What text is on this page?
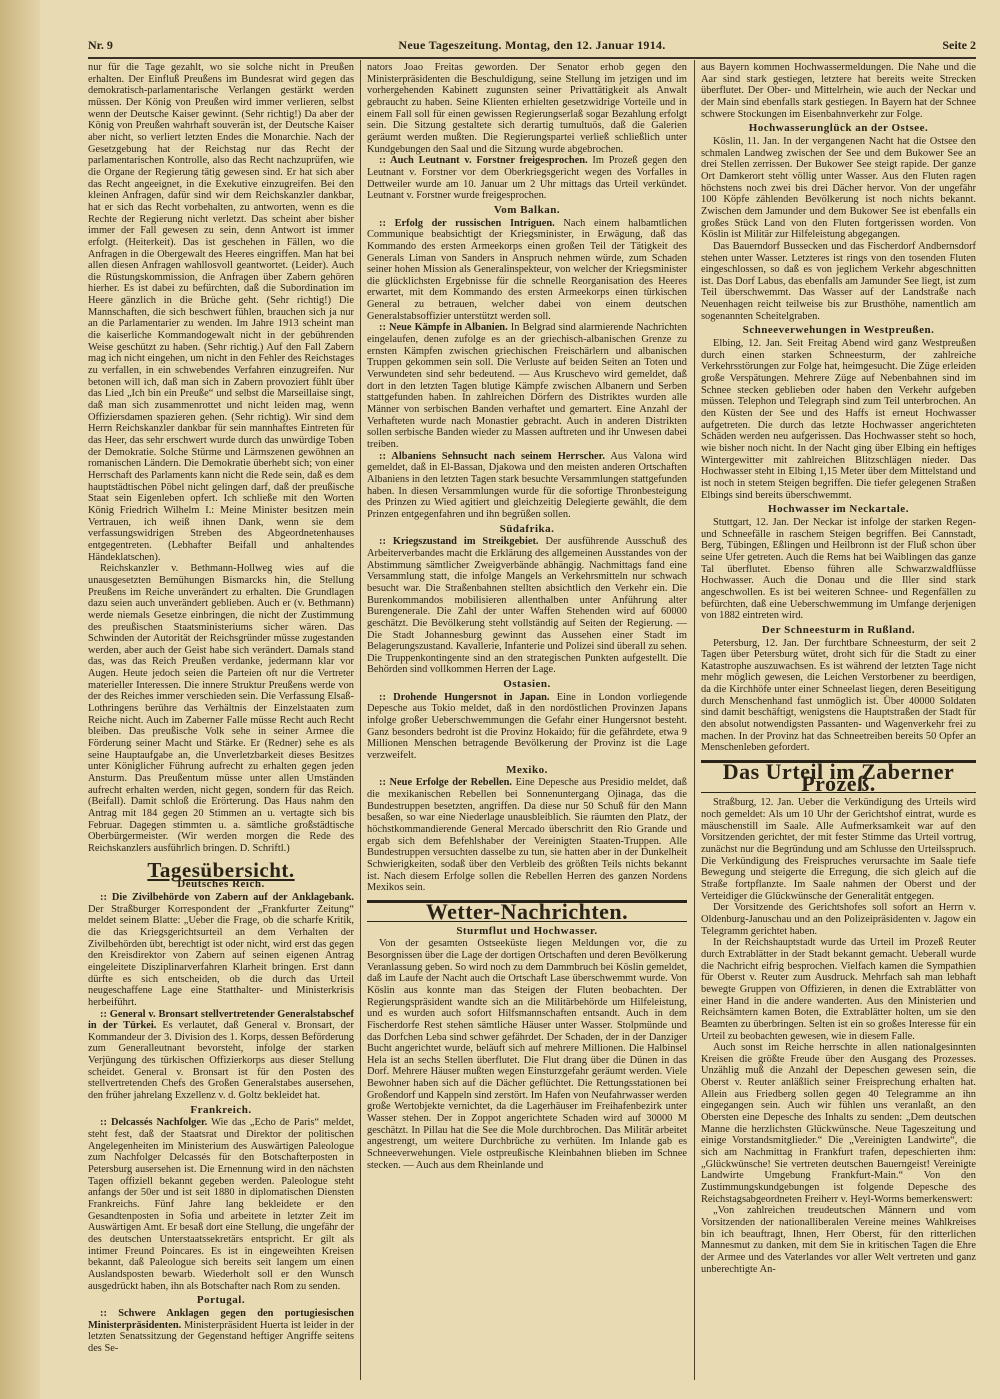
Nr. 9	Neue Tageszeitung. Montag, den 12. Januar 1914.	Seite 2

nur für die Tage gezahlt, wo sie solche nicht in Preußen erhalten. Der Einfluß Preußens im Bundesrat wird gegen das demokratisch-parlamentarische Verlangen gestärkt werden müssen. Der König von Preußen wird immer verlieren, selbst wenn der Deutsche Kaiser gewinnt. (Sehr richtig!) Da aber der König von Preußen wahrhaft souverän ist, der Deutsche Kaiser aber nicht, so verliert letzten Endes die Monarchie. Nach der Gesetzgebung hat der Reichstag nur das Recht der parlamentarischen Kontrolle, also das Recht nachzuprüfen, wie die Organe der Regierung tätig gewesen sind. Er hat sich aber das Recht angeeignet, in die Exekutive einzugreifen. Bei den kleinen Anfragen, dafür sind wir dem Reichskanzler dankbar, hat er sich das Recht vorbehalten, zu antworten, wenn es die Rechte der Regierung nicht verletzt. Das scheint aber bisher immer der Fall gewesen zu sein, denn Antwort ist immer erfolgt. (Heiterkeit). Das ist geschehen in Fällen, wo die Anfragen in die Obergewalt des Heeres eingriffen. Man hat bei allen diesen Anfragen wahllosvoll geantwortet. (Leider). Auch die Rüstungskommission, die Anfragen über Zabern gehören hierher. Es ist dabei zu befürchten, daß die Subordination im Heere gänzlich in die Brüche geht. (Sehr richtig!) Die Mannschaften, die sich beschwert fühlen, brauchen sich ja nur an die Parlamentarier zu wenden. Im Jahre 1913 scheint man die kaiserliche Kommandogewalt nicht in der gebührenden Weise geschützt zu haben. (Sehr richtig.) Auf den Fall Zabern mag ich nicht eingehen, um nicht in den Fehler des Reichstages zu verfallen, in ein schwebendes Verfahren einzugreifen. Nur betonen will ich, daß man sich in Zabern provoziert fühlt über das Lied „Ich bin ein Preuße“ und selbst die Marseillaise singt, daß man sich zusammenrottet und nicht leiden mag, wenn Offiziersdamen spazieren gehen. (Sehr richtig). Wir sind dem Herrn Reichskanzler dankbar für sein mannhaftes Eintreten für das Heer, das sehr erschwert wurde durch das unwürdige Toben der Demokratie. Solche Stürme und Lärmszenen gewöhnen an romanischen Ländern. Die Demokratie überhebt sich; von einer Herrschaft des Parlaments kann nicht die Rede sein, daß es dem hauptstädtischen Pöbel nicht gelingen darf, daß der preußische Staat sein Eigenleben opfert. Ich schließe mit den Worten König Friedrich Wilhelm I.: Meine Minister besitzen mein Vertrauen, ich weiß ihnen Dank, wenn sie dem verfassungswidrigen Streben des Abgeordnetenhauses entgegentreten. (Lebhafter Beifall und anhaltendes Händeklatschen).

Reichskanzler v. Bethmann-Hollweg wies auf die unausgesetzten Bemühungen Bismarcks hin, die Stellung Preußens im Reiche unverändert zu erhalten. Die Grundlagen dazu seien auch unverändert geblieben. Auch er (v. Bethmann) werde niemals Gesetze einbringen, die nicht der Zustimmung des preußischen Staatsministeriums sicher wären. Das Schwinden der Autorität der Reichsgründer müsse zugestanden werden, aber auch der Geist habe sich verändert. Damals stand das, was das Reich Preußen verdanke, jedermann klar vor Augen. Heute jedoch seien die Parteien oft nur die Vertreter materieller Interessen. Die innere Struktur Preußens werde von der des Reiches immer verschieden sein. Die Verfassung Elsaß-Lothringens berühre das Verhältnis der Einzelstaaten zum Reiche nicht. Auch im Zaberner Falle müsse Recht auch Recht bleiben. Das preußische Volk sehe in seiner Armee die Förderung seiner Macht und Stärke. Er (Redner) sehe es als seine Hauptaufgabe an, die Unverletzbarkeit dieses Besitzes unter Königlicher Führung aufrecht zu erhalten gegen jeden Ansturm. Das Preußentum müsse unter allen Umständen aufrecht erhalten werden, nicht gegen, sondern für das Reich. (Beifall). Damit schloß die Erörterung. Das Haus nahm den Antrag mit 184 gegen 20 Stimmen an u. vertagte sich bis Februar. Dagegen stimmten u. a. sämtliche großstädtische Oberbürgermeister. (Wir werden morgen die Rede des Reichskanzlers ausführlich bringen. D. Schriftl.)

Tagesübersicht.
Deutsches Reich.

:: Die Zivilbehörde von Zabern auf der Anklagebank. Der Straßburger Korrespondent der „Frankfurter Zeitung“ meldet seinem Blatte: „Ueber die Frage, ob die scharfe Kritik, die das Kriegsgerichtsurteil an dem Verhalten der Zivilbehörden übt, berechtigt ist oder nicht, wird erst das gegen den Kreisdirektor von Zabern auf seinen eigenen Antrag eingeleitete Disziplinarverfahren Klarheit bringen. Erst dann dürfte es sich entscheiden, ob die durch das Urteil neugeschaffene Lage eine Statthalter- und Ministerkrisis herbeiführt.

:: General v. Bronsart stellvertretender Generalstabschef in der Türkei. Es verlautet, daß General v. Bronsart, der Kommandeur der 3. Division des 1. Korps, dessen Beförderung zum Generalleutnant bevorsteht, infolge der starken Verjüngung des türkischen Offizierkorps aus dieser Stellung scheidet. General v. Bronsart ist für den Posten des stellvertretenden Chefs des Großen Generalstabes ausersehen, den früher jahrelang Exzellenz v. d. Goltz bekleidet hat.

Frankreich.

:: Delcassés Nachfolger. Wie das „Echo de Paris“ meldet, steht fest, daß der Staatsrat und Direktor der politischen Angelegenheiten im Ministerium des Auswärtigen Paleologue zum Nachfolger Delcassés für den Botschafterposten in Petersburg ausersehen ist. Die Ernennung wird in den nächsten Tagen offiziell bekannt gegeben werden. Paleologue steht anfangs der 50er und ist seit 1880 in diplomatischen Diensten Frankreichs. Fünf Jahre lang bekleidete er den Gesandtenposten in Sofia und arbeitete in letzter Zeit im Auswärtigen Amt. Er besaß dort eine Stellung, die ungefähr der des deutschen Unterstaatssekretärs entspricht. Er gilt als intimer Freund Poincares. Es ist in eingeweihten Kreisen bekannt, daß Paleologue sich bereits seit langem um einen Auslandsposten bewarb. Wiederholt soll er den Wunsch ausgedrückt haben, ihn als Botschafter nach Rom zu senden.

Portugal.

:: Schwere Anklagen gegen den portugiesischen Ministerpräsidenten. Ministerpräsident Huerta ist leider in der letzten Senatssitzung der Gegenstand heftiger Angriffe seitens des Se-

nators Joao Freitas geworden. Der Senator erhob gegen den Ministerpräsidenten die Beschuldigung, seine Stellung im jetzigen und im vorhergehenden Kabinett zugunsten seiner Privattätigkeit als Anwalt gebraucht zu haben. Seine Klienten erhielten gesetzwidrige Vorteile und in einem Fall soll für einen gewissen Regierungserlaß sogar Bezahlung erfolgt sein. Die Sitzung gestaltete sich derartig tumultuös, daß die Galerien geräumt werden mußten. Die Regierungspartei verließ schließlich unter Kundgebungen den Saal und die Sitzung wurde abgebrochen.

:: Auch Leutnant v. Forstner freigesprochen. Im Prozeß gegen den Leutnant v. Forstner vor dem Oberkriegsgericht wegen des Vorfalles in Dettweiler wurde am 10. Januar um 2 Uhr mittags das Urteil verkündet. Leutnant v. Forstner wurde freigesprochen.

Vom Balkan.

:: Erfolg der russischen Intriguen. Nach einem halbamtlichen Communique beabsichtigt der Kriegsminister, in Erwägung, daß das Kommando des ersten Armeekorps einen großen Teil der Tätigkeit des Generals Liman von Sanders in Anspruch nehmen würde, zum Schaden seiner hohen Mission als Generalinspekteur, von welcher der Kriegsminister die glücklichsten Ergebnisse für die schnelle Reorganisation des Heeres erwartet, mit dem Kommando des ersten Armeekorps einen türkischen General zu betrauen, welcher dabei von einem deutschen Generalstabsoffizier unterstützt werden soll.

:: Neue Kämpfe in Albanien. In Belgrad sind alarmierende Nachrichten eingelaufen, denen zufolge es an der griechisch-albanischen Grenze zu ernsten Kämpfen zwischen griechischen Freischärlern und albanischen Truppen gekommen sein soll. Die Verluste auf beiden Seiten an Toten und Verwundeten sind sehr bedeutend. — Aus Kruschevo wird gemeldet, daß dort in den letzten Tagen blutige Kämpfe zwischen Albanern und Serben stattgefunden haben. In zahlreichen Dörfern des Distriktes wurden alle Männer von serbischen Banden verhaftet und gemartert. Eine Anzahl der Verhafteten wurde nach Monastier gebracht. Auch in anderen Distrikten sollen serbische Banden wieder zu Massen auftreten und ihr Unwesen dabei treiben.

:: Albaniens Sehnsucht nach seinem Herrscher. Aus Valona wird gemeldet, daß in El-Bassan, Djakowa und den meisten anderen Ortschaften Albaniens in den letzten Tagen stark besuchte Versammlungen stattgefunden haben. In diesen Versammlungen wurde für die sofortige Thronbesteigung des Prinzen zu Wied agitiert und gleichzeitig Delegierte gewählt, die dem Prinzen entgegenfahren und ihn begrüßen sollen.

Südafrika.

:: Kriegszustand im Streikgebiet. Der ausführende Ausschuß des Arbeiterverbandes macht die Erklärung des allgemeinen Ausstandes von der Abstimmung sämtlicher Zweigverbände abhängig. Nachmittags fand eine Versammlung statt, die infolge Mangels an Verkehrsmitteln nur schwach besucht war. Die Straßenbahnen stellten absichtlich den Verkehr ein. Die Burenkommandos mobilisieren allenthalben unter Anführung alter Burengenerale. Die Zahl der unter Waffen Stehenden wird auf 60000 geschätzt. Die Bevölkerung steht vollständig auf Seiten der Regierung. — Die Stadt Johannesburg gewinnt das Aussehen einer Stadt im Belagerungszustand. Kavallerie, Infanterie und Polizei sind überall zu sehen. Die Truppenkontingente sind an den strategischen Punkten aufgestellt. Die Behörden sind vollkommen Herren der Lage.

Ostasien.

:: Drohende Hungersnot in Japan. Eine in London vorliegende Depesche aus Tokio meldet, daß in den nordöstlichen Provinzen Japans infolge großer Ueberschwemmungen die Gefahr einer Hungersnot besteht. Ganz besonders bedroht ist die Provinz Hokaido; für die gefährdete, etwa 9 Millionen Menschen betragende Bevölkerung der Provinz ist die Lage verzweifelt.

Mexiko.

:: Neue Erfolge der Rebellen. Eine Depesche aus Presidio meldet, daß die mexikanischen Rebellen bei Sonnenuntergang Ojinaga, das die Bundestruppen besetzten, angriffen. Da diese nur 50 Schuß für den Mann besaßen, so war eine Niederlage unausbleiblich. Sie räumten den Platz, der höchstkommandierende General Mercado überschritt den Rio Grande und ergab sich dem Befehlshaber der Vereinigten Staaten-Truppen. Alle Bundestruppen versuchten dasselbe zu tun, sie hatten aber in der Dunkelheit Schwierigkeiten, sodaß über den Verbleib des größten Teils nichts bekannt ist. Nach diesem Erfolge sollen die Rebellen Herren des ganzen Nordens Mexikos sein.

Wetter-Nachrichten.
Sturmflut und Hochwasser.

Von der gesamten Ostseeküste liegen Meldungen vor, die zu Besorgnissen über die Lage der dortigen Ortschaften und deren Bevölkerung Veranlassung geben. So wird noch zu dem Dammbruch bei Köslin gemeldet, daß im Laufe der Nacht auch die Ortschaft Lase überschwemmt wurde. Von Köslin aus konnte man das Steigen der Fluten beobachten. Der Regierungspräsident wandte sich an die Militärbehörde um Hilfeleistung, und es wurden auch sofort Hilfsmannschaften entsandt. Auch in dem Fischerdorfe Rest stehen sämtliche Häuser unter Wasser. Stolpmünde und das Dorfchen Leba sind schwer gefährdet. Der Schaden, der in der Danziger Bucht angerichtet wurde, beläuft sich auf mehrere Millionen. Die Halbinsel Hela ist an sechs Stellen überflutet. Die Flut drang über die Dünen in das Dorf. Mehrere Häuser mußten wegen Einsturzgefahr geräumt werden. Viele Bewohner haben sich auf die Dächer geflüchtet. Die Rettungsstationen bei Großendorf und Kappeln sind zerstört. Im Hafen von Neufahrwasser werden große Wertobjekte vernichtet, da die Lagerhäuser im Freihafenbezirk unter Wasser stehen. Der in Zoppot angerichtete Schaden wird auf 30000 M geschätzt. In Pillau hat die See die Mole durchbrochen. Das Militär arbeitet angestrengt, um weitere Durchbrüche zu verhüten. Im Inlande gab es Schneeverwehungen. Viele ostpreußische Kleinbahnen blieben im Schnee stecken. — Auch aus dem Rheinlande und

aus Bayern kommen Hochwassermeldungen. Die Nahe und die Aar sind stark gestiegen, letztere hat bereits weite Strecken überflutet. Der Ober- und Mittelrhein, wie auch der Neckar und der Main sind ebenfalls stark gestiegen. In Bayern hat der Schnee schwere Stockungen im Eisenbahnverkehr zur Folge.

Hochwasserunglück an der Ostsee.

Köslin, 11. Jan. In der vergangenen Nacht hat die Ostsee den schmalen Landweg zwischen der See und dem Bukower See an drei Stellen zerrissen. Der Bukower See steigt rapide. Der ganze Ort Damkerort steht völlig unter Wasser. Aus den Fluten ragen höchstens noch zwei bis drei Dächer hervor. Von der ungefähr 100 Köpfe zählenden Bevölkerung ist noch nichts bekannt. Zwischen dem Jamunder und dem Bukower See ist ebenfalls ein großes Stück Land von den Fluten fortgerissen worden. Von Köslin ist Militär zur Hilfeleistung abgegangen.

Das Bauerndorf Bussecken und das Fischerdorf Andbernsdorf stehen unter Wasser. Letzteres ist rings von den tosenden Fluten eingeschlossen, so daß es von jeglichem Verkehr abgeschnitten ist. Das Dorf Labus, das ebenfalls am Jamunder See liegt, ist zum Teil überschwemmt. Das Wasser auf der Landstraße nach Neuenhagen reicht teilweise bis zur Brusthöhe, namentlich am sogenannten Scheitelgraben.

Schneeverwehungen in Westpreußen.

Elbing, 12. Jan. Seit Freitag Abend wird ganz Westpreußen durch einen starken Schneesturm, der zahlreiche Verkehrsstörungen zur Folge hat, heimgesucht. Die Züge erleiden große Verspätungen. Mehrere Züge auf Nebenbahnen sind im Schnee stecken geblieben oder haben den Verkehr aufgeben müssen. Telephon und Telegraph sind zum Teil unterbrochen. An den Küsten der See und des Haffs ist erneut Hochwasser aufgetreten. Die durch das letzte Hochwasser angerichteten Schäden werden neu aufgerissen. Das Hochwasser steht so hoch, wie bisher noch nicht. In der Nacht ging über Elbing ein heftiges Wintergewitter mit zahlreichen Blitzschlägen nieder. Das Hochwasser steht in Elbing 1,15 Meter über dem Mittelstand und ist noch in stetem Steigen begriffen. Die tiefer gelegenen Straßen Elbings sind bereits überschwemmt.

Hochwasser im Neckartale.

Stuttgart, 12. Jan. Der Neckar ist infolge der starken Regen- und Schneefälle in raschem Steigen begriffen. Bei Cannstadt, Berg, Tübingen, Eßlingen und Heilbronn ist der Fluß schon über seine Ufer getreten. Auch die Rems hat bei Waiblingen das ganze Tal überflutet. Ebenso führen alle Schwarzwaldflüsse Hochwasser. Auch die Donau und die Iller sind stark angeschwollen. Es ist bei weiteren Schnee- und Regenfällen zu befürchten, daß eine Ueberschwemmung im Umfange derjenigen von 1882 eintreten wird.

Der Schneesturm in Rußland.

Petersburg, 12. Jan. Der furchtbare Schneesturm, der seit 2 Tagen über Petersburg wütet, droht sich für die Stadt zu einer Katastrophe auszuwachsen. Es ist während der letzten Tage nicht mehr möglich gewesen, die Leichen Verstorbener zu beerdigen, da die Kirchhöfe unter einer Schneelast liegen, deren Beseitigung durch Menschenhand fast unmöglich ist. Über 40000 Soldaten sind damit beschäftigt, wenigstens die Hauptstraßen der Stadt für den absolut notwendigsten Passanten- und Wagenverkehr frei zu machen. In der Provinz hat das Schneetreiben bereits 50 Opfer an Menschenleben gefordert.

Das Urteil im Zaberner Prozeß.

Straßburg, 12. Jan. Ueber die Verkündigung des Urteils wird noch gemeldet: Als um 10 Uhr der Gerichtshof eintrat, wurde es mäuschenstill im Saale. Alle Aufmerksamkeit war auf den Vorsitzenden gerichtet, der mit fester Stimme das Urteil vortrug, zunächst nur die Begründung und am Schlusse den Urteilsspruch. Die Verkündigung des Freispruches verursachte im Saale tiefe Bewegung und steigerte die Erregung, die sich gleich auf die Straße fortpflanzte. Im Saale nahmen der Oberst und der Verteidiger die Glückwünsche der Generalität entgegen.

Der Vorsitzende des Gerichtshofes soll sofort an Herrn v. Oldenburg-Januschau und an den Polizeipräsidenten v. Jagow ein Telegramm gerichtet haben.

In der Reichshauptstadt wurde das Urteil im Prozeß Reuter durch Extrablätter in der Stadt bekannt gemacht. Ueberall wurde die Nachricht eifrig besprochen. Vielfach kamen die Sympathien für Oberst v. Reuter zum Ausdruck. Mehrfach sah man lebhaft bewegte Gruppen von Offizieren, in denen die Extrablätter von einer Hand in die andere wanderten. Aus den Ministerien und Reichsämtern kamen Boten, die Extrablätter holten, um sie den Beamten zu überbringen. Selten ist ein so großes Interesse für ein Urteil zu beobachten gewesen, wie in diesem Falle.

Auch sonst im Reiche herrschte in allen nationalgesinnten Kreisen die größte Freude über den Ausgang des Prozesses. Unzählig muß die Anzahl der Depeschen gewesen sein, die Oberst v. Reuter anläßlich seiner Freisprechung erhalten hat. Allein aus Friedberg sollen gegen 40 Telegramme an ihn eingegangen sein. Auch wir fühlen uns veranlaßt, an den Obersten eine Depesche des Inhalts zu senden: „Dem deutschen Manne die herzlichsten Glückwünsche. Neue Tageszeitung und einige Vorstandsmitglieder.“ Die „Vereinigten Landwirte“, die sich am Nachmittag in Frankfurt trafen, depeschierten ihm: „Glückwünsche! Sie vertreten deutschen Bauerngeist! Vereinigte Landwirte Umgebung Frankfurt-Main.“ Von den Zustimmungskundgebungen ist folgende Depesche des Reichstagsabgeordneten Freiherr v. Heyl-Worms bemerkenswert:

„Von zahlreichen treudeutschen Männern und vom Vorsitzenden der nationalliberalen Vereine meines Wahlkreises bin ich beauftragt, Ihnen, Herr Oberst, für den ritterlichen Mannesmut zu danken, mit dem Sie in kritischen Tagen die Ehre der Armee und des Vaterlandes vor aller Welt vertreten und ganz unberechtigte An-
